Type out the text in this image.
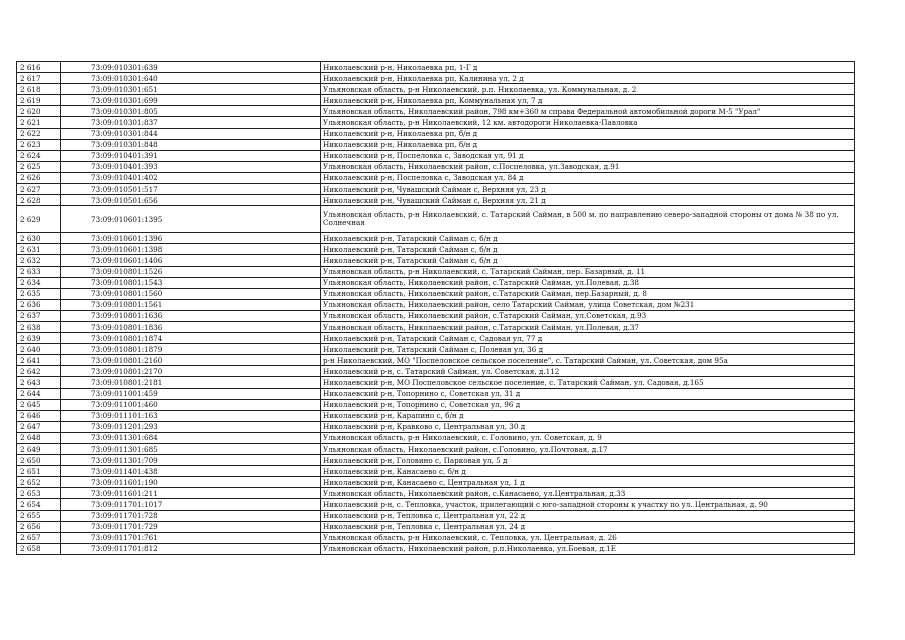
2 616	73:09:010301:639	Николаевский р-н, Николаевка рп, 1-Г д
2 617	73:09:010301:640	Николаевский р-н, Николаевка рп, Калинина ул, 2 д
2 618	73:09:010301:651	Ульяновская область, р-н Николаевский, р.п. Николаевка, ул. Коммунальная, д. 2
2 619	73:09:010301:699	Николаевский р-н, Николаевка рп, Коммунальная ул, 7 д
2 620	73:09:010301:805	Ульяновская область, Николаевский район, 798 км+360 м справа Федеральной автомобильной дороги М-5 "Урал"
2 621	73:09:010301:837	Ульяновская область, р-н Николаевский, 12 км. автодороги Николаевка-Павловка
2 622	73:09:010301:844	Николаевский р-н, Николаевка рп, б/н д
2 623	73:09:010301:848	Николаевский р-н, Николаевка рп, б/н д
2 624	73:09:010401:391	Николаевский р-н, Поспеловка с, Заводская ул, 91 д
2 625	73:09:010401:393	Ульяновская область, Николаевский район, с.Поспеловка, ул.Заводская, д.91
2 626	73:09:010401:402	Николаевский р-н, Поспеловка с, Заводская ул, 84 д
2 627	73:09:010501:517	Николаевский р-н, Чувашский Сайман с, Верхняя ул, 23 д
2 628	73:09:010501:656	Николаевский р-н, Чувашский Сайман с, Верхняя ул, 21 д
2 629	73:09:010601:1395	Ульяновская область, р-н Николаевский, с. Татарский Сайман, в 500 м. по направлению северо-западной стороны от дома № 38 по ул. Солнечная
2 630	73:09:010601:1396	Николаевский р-н, Татарский Сайман с, б/н д
2 631	73:09:010601:1398	Николаевский р-н, Татарский Сайман с, б/н д
2 632	73:09:010601:1406	Николаевский р-н, Татарский Сайман с, б/н д
2 633	73:09:010801:1526	Ульяновская область, р-н Николаевский, с. Татарский Сайман, пер. Базарный, д. 11
2 634	73:09:010801:1543	Ульяновская область, Николаевский район, с.Татарский Сайман, ул.Полевая, д.38
2 635	73:09:010801:1560	Ульяновская область, Николаевский район, с.Татарский Сайман, пер.Базарный, д. 8
2 636	73:09:010801:1561	Ульяновская область, Николаевский район, село Татарский Сайман, улица Советская, дом №231
2 637	73:09:010801:1636	Ульяновская область, Николаевский район, с.Татарский Сайман, ул.Советская, д.93
2 638	73:09:010801:1836	Ульяновская область, Николаевский район, с.Татарский Сайман, ул.Полевая, д.37
2 639	73:09:010801:1874	Николаевский р-н, Татарский Сайман с, Садовая ул, 77 д
2 640	73:09:010801:1879	Николаевский р-н, Татарский Сайман с, Полевая ул, 36 д
2 641	73:09:010801:2160	р-н Николаевский, МО "Поспеловское сельское поселение", с. Татарский Сайман, ул. Советская, дом 95а
2 642	73:09:010801:2170	Николаевский р-н, с. Татарский Сайман, ул. Советская, д.112
2 643	73:09:010801:2181	Николаевский р-н, МО Поспеловское сельское поселение, с. Татарский Сайман, ул. Садовая, д.165
2 644	73:09:011001:459	Николаевский р-н, Топорнино с, Советская ул, 31 д
2 645	73:09:011001:460	Николаевский р-н, Топорнино с, Советская ул, 96 д
2 646	73:09:011101:163	Николаевский р-н, Карапино с, б/н д
2 647	73:09:011201:293	Николаевский р-н, Кравково с, Центральная ул, 30 д
2 648	73:09:011301:684	Ульяновская область, р-н Николаевский, с. Головино, ул. Советская, д. 9
2 649	73:09:011301:685	Ульяновская область, Николаевский район, с.Головино, ул.Почтовая, д.17
2 650	73:09:011301:709	Николаевский р-н, Головино с, Парковая ул, 5 д
2 651	73:09:011401:438	Николаевский р-н, Канасаево с, б/н д
2 652	73:09:011601:190	Николаевский р-н, Канасаево с, Центральная ул, 1 д
2 653	73:09:011601:211	Ульяновская область, Николаевский район, с.Канасаево, ул.Центральная, д.33
2 654	73:09:011701:1017	Николаевский р-н, с. Тепловка, участок, прилегающий с юго-западной стороны к участку по ул. Центральная, д. 90
2 655	73:09:011701:728	Николаевский р-н, Тепловка с, Центральная ул, 22 д
2 656	73:09:011701:729	Николаевский р-н, Тепловка с, Центральная ул, 24 д
2 657	73:09:011701:761	Ульяновская область, р-н Николаевский, с. Тепловка, ул. Центральная, д. 26
2 658	73:09:011701:812	Ульяновская область, Николаевский район, р.п.Николаевка, ул.Боевая, д.1Е
